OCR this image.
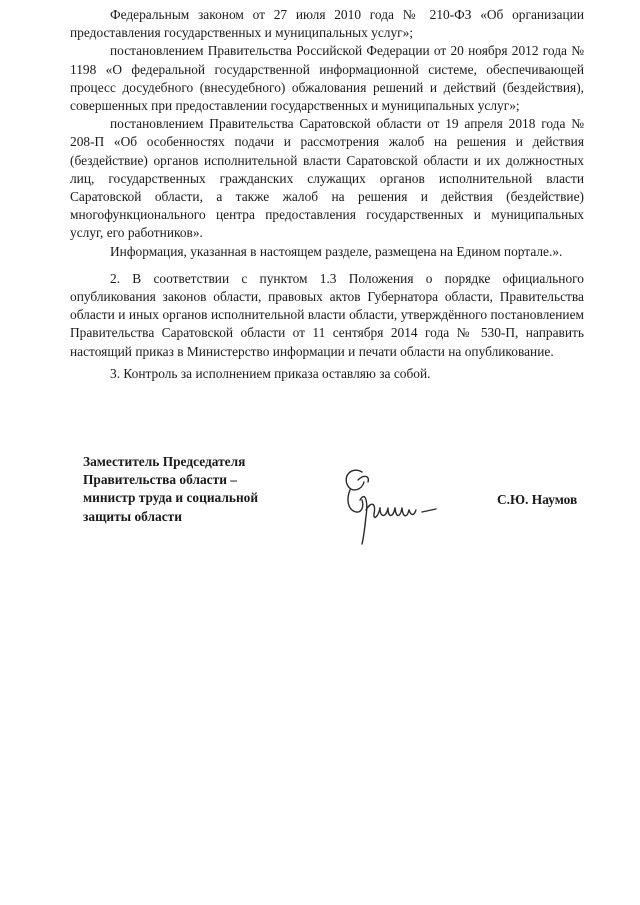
Федеральным законом от 27 июля 2010 года № 210-ФЗ «Об организации предоставления государственных и муниципальных услуг»;

постановлением Правительства Российской Федерации от 20 ноября 2012 года № 1198 «О федеральной государственной информационной системе, обеспечивающей процесс досудебного (внесудебного) обжалования решений и действий (бездействия), совершенных при предоставлении государственных и муниципальных услуг»;

постановлением Правительства Саратовской области от 19 апреля 2018 года № 208-П «Об особенностях подачи и рассмотрения жалоб на решения и действия (бездействие) органов исполнительной власти Саратовской области и их должностных лиц, государственных гражданских служащих органов исполнительной власти Саратовской области, а также жалоб на решения и действия (бездействие) многофункционального центра предоставления государственных и муниципальных услуг, его работников».

Информация, указанная в настоящем разделе, размещена на Едином портале.».

2. В соответствии с пунктом 1.3 Положения о порядке официального опубликования законов области, правовых актов Губернатора области, Правительства области и иных органов исполнительной власти области, утверждённого постановлением Правительства Саратовской области от 11 сентября 2014 года № 530-П, направить настоящий приказ в Министерство информации и печати области на опубликование.

3. Контроль за исполнением приказа оставляю за собой.

Заместитель Председателя
Правительства области –
министр труда и социальной
защиты области
С.Ю. Наумов
